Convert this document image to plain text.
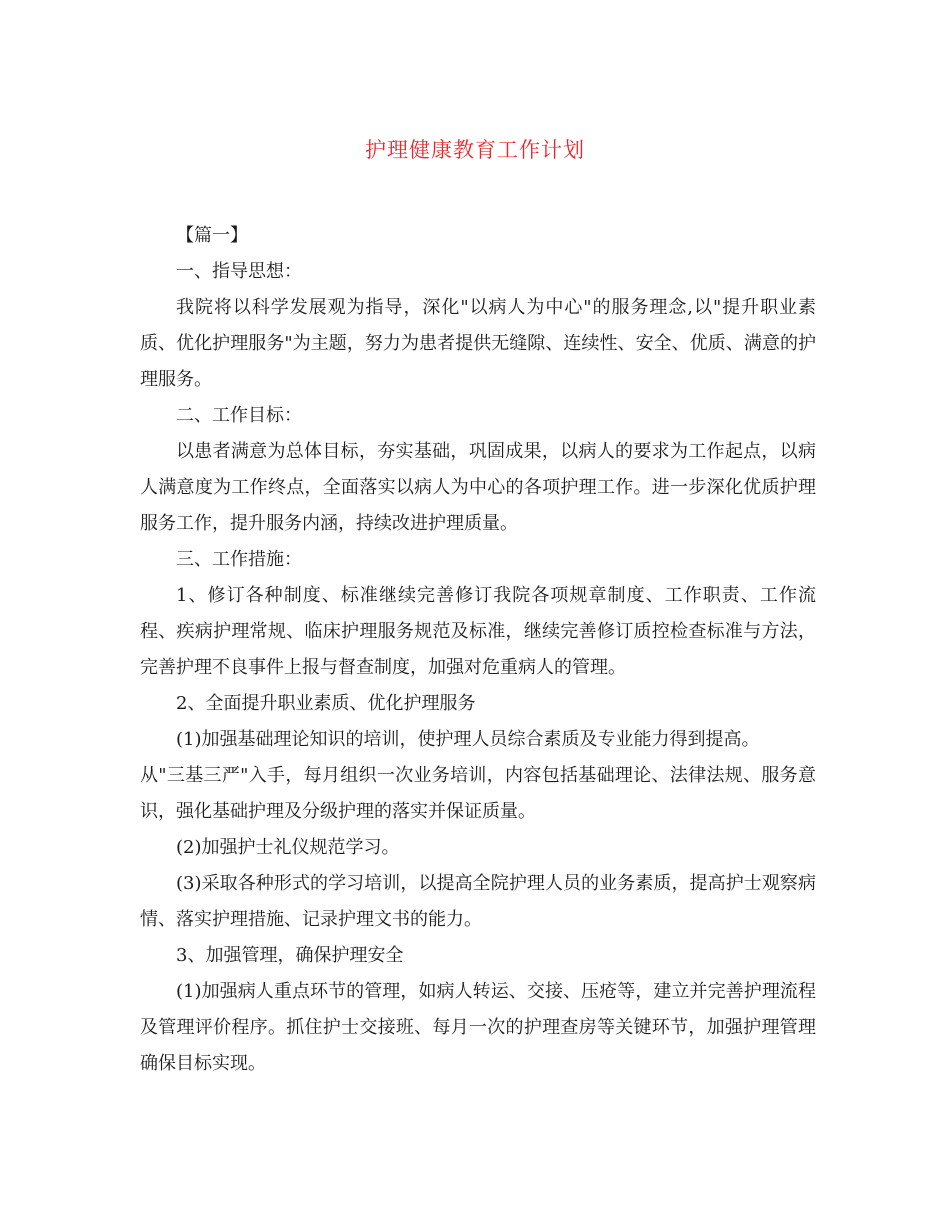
护理健康教育工作计划

【篇一】

一、指导思想：

我院将以科学发展观为指导，深化"以病人为中心"的服务理念,以"提升职业素质、优化护理服务"为主题，努力为患者提供无缝隙、连续性、安全、优质、满意的护理服务。

二、工作目标：

以患者满意为总体目标，夯实基础，巩固成果，以病人的要求为工作起点，以病人满意度为工作终点，全面落实以病人为中心的各项护理工作。进一步深化优质护理服务工作，提升服务内涵，持续改进护理质量。

三、工作措施：

1、修订各种制度、标准继续完善修订我院各项规章制度、工作职责、工作流程、疾病护理常规、临床护理服务规范及标准，继续完善修订质控检查标准与方法，完善护理不良事件上报与督查制度，加强对危重病人的管理。

2、全面提升职业素质、优化护理服务

(1)加强基础理论知识的培训，使护理人员综合素质及专业能力得到提高。

从"三基三严"入手，每月组织一次业务培训，内容包括基础理论、法律法规、服务意识，强化基础护理及分级护理的落实并保证质量。

(2)加强护士礼仪规范学习。

(3)采取各种形式的学习培训，以提高全院护理人员的业务素质，提高护士观察病情、落实护理措施、记录护理文书的能力。

3、加强管理，确保护理安全

(1)加强病人重点环节的管理，如病人转运、交接、压疮等，建立并完善护理流程及管理评价程序。抓住护士交接班、每月一次的护理查房等关键环节，加强护理管理确保目标实现。
